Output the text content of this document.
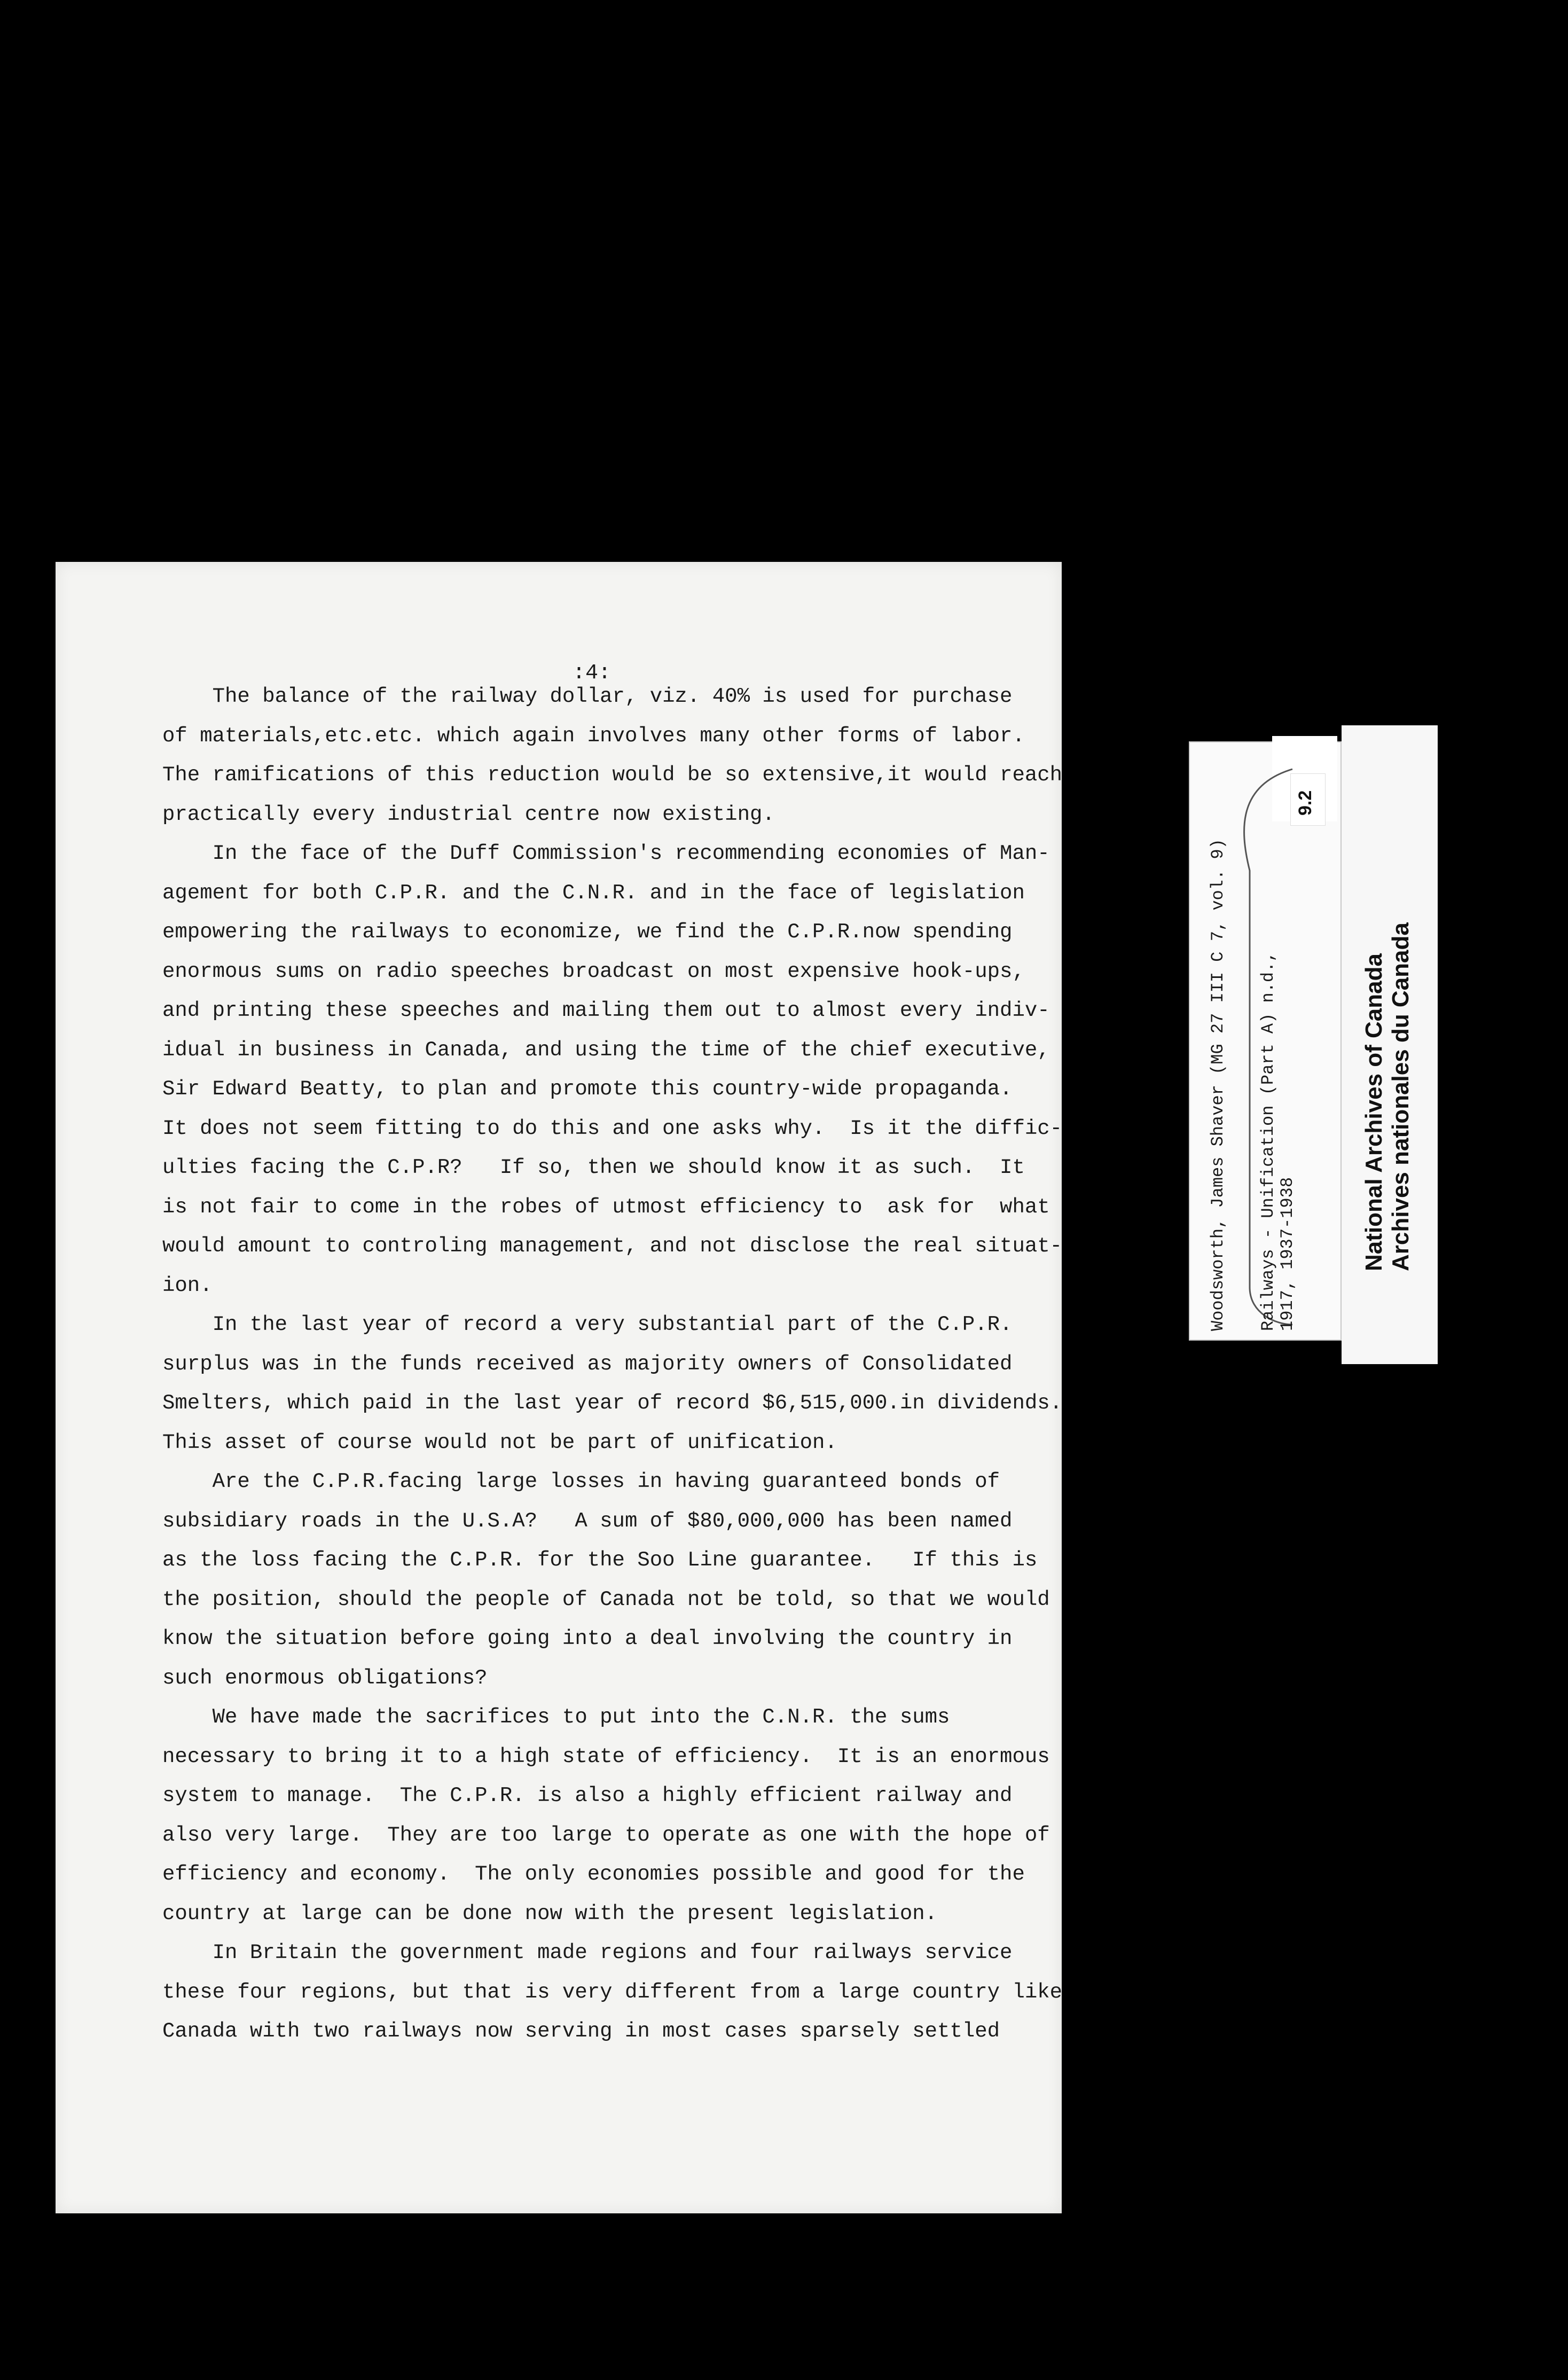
:4:
The balance of the railway dollar, viz. 40% is used for purchase
of materials,etc.etc. which again involves many other forms of labor.
The ramifications of this reduction would be so extensive,it would reach
practically every industrial centre now existing.
In the face of the Duff Commission's recommending economies of Man-
agement for both C.P.R. and the C.N.R. and in the face of legislation
empowering the railways to economize, we find the C.P.R.now spending
enormous sums on radio speeches broadcast on most expensive hook-ups,
and printing these speeches and mailing them out to almost every indiv-
idual in business in Canada, and using the time of the chief executive,
Sir Edward Beatty, to plan and promote this country-wide propaganda.
It does not seem fitting to do this and one asks why.  Is it the diffic-
ulties facing the C.P.R?   If so, then we should know it as such.  It
is not fair to come in the robes of utmost efficiency to  ask for  what
would amount to controling management, and not disclose the real situat-
ion.
In the last year of record a very substantial part of the C.P.R.
surplus was in the funds received as majority owners of Consolidated
Smelters, which paid in the last year of record $6,515,000.in dividends.
This asset of course would not be part of unification.
Are the C.P.R.facing large losses in having guaranteed bonds of
subsidiary roads in the U.S.A?   A sum of $80,000,000 has been named
as the loss facing the C.P.R. for the Soo Line guarantee.   If this is
the position, should the people of Canada not be told, so that we would
know the situation before going into a deal involving the country in
such enormous obligations?
We have made the sacrifices to put into the C.N.R. the sums
necessary to bring it to a high state of efficiency.  It is an enormous
system to manage.  The C.P.R. is also a highly efficient railway and
also very large.  They are too large to operate as one with the hope of
efficiency and economy.  The only economies possible and good for the
country at large can be done now with the present legislation.
In Britain the government made regions and four railways service
these four regions, but that is very different from a large country like
Canada with two railways now serving in most cases sparsely settled
Woodsworth, James Shaver (MG 27 III C 7, vol. 9) Railways - Unification (Part A) n.d., 1917, 1937-1938
9.2
National Archives of Canada Archives nationales du Canada
